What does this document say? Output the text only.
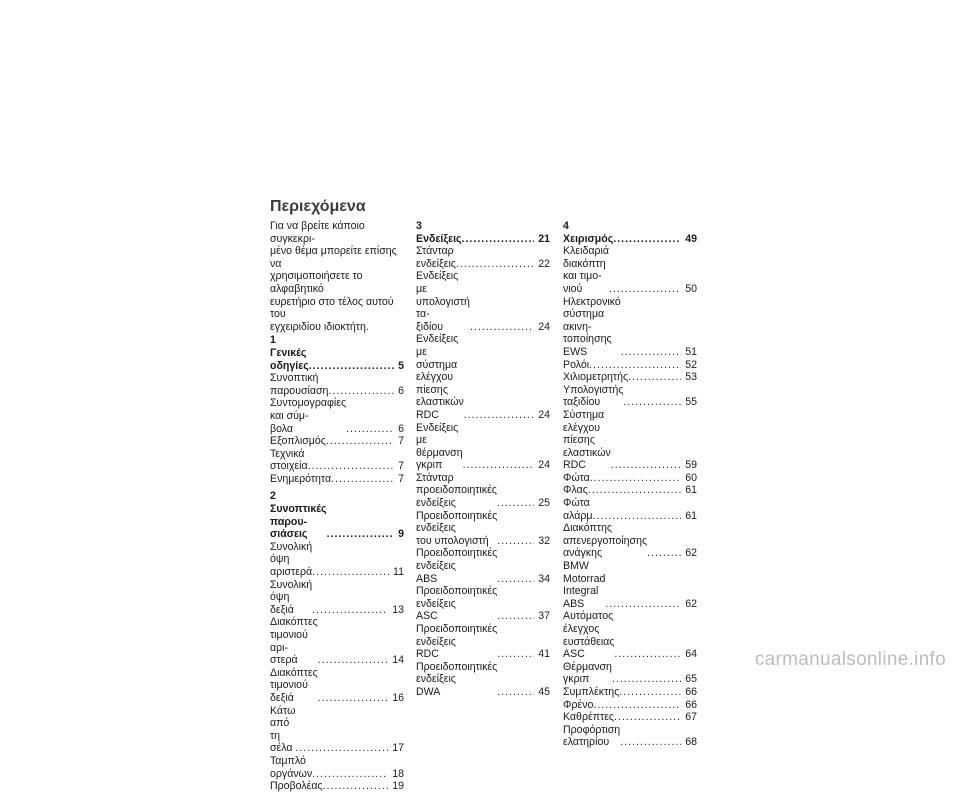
Περιεχόμενα
Για να βρείτε κάποιο συγκεκρι-
μένο θέμα μπορείτε επίσης να
χρησιμοποιήσετε το αλφαβητικό
ευρετήριο στο τέλος αυτού του
εγχειριδίου ιδιοκτήτη.
1 Γενικές οδηγίες .....	5
Συνοπτική παρουσίαση .....	6
Συντομογραφίες και σύμ-
βολα .....	6
Εξοπλισμός .....	7
Τεχνικά στοιχεία .....	7
Ενημερότητα .....	7
2 Συνοπτικές παρου-
σιάσεις .....	9
Συνολική όψη αριστερά .....	11
Συνολική όψη δεξιά .....	13
Διακόπτες τιμονιού αρι-
στερά .....	14
Διακόπτες τιμονιού δεξιά .....	16
Κάτω από τη σέλα .....	17
Ταμπλό οργάνων .....	18
Προβολέας .....	19
3 Ενδείξεις .....	21
Στάνταρ ενδείξεις .....	22
Ενδείξεις με υπολογιστή τα-
ξιδίου .....	24
Ενδείξεις με σύστημα
ελέγχου πίεσης ελαστικών
RDC .....	24
Ενδείξεις με θέρμανση
γκριπ .....	24
Στάνταρ προειδοποιητικές
ενδείξεις .....	25
Προειδοποιητικές ενδείξεις
του υπολογιστή .....	32
Προειδοποιητικές ενδείξεις
ABS .....	34
Προειδοποιητικές ενδείξεις
ASC .....	37
Προειδοποιητικές ενδείξεις
RDC .....	41
Προειδοποιητικές ενδείξεις
DWA .....	45
4 Χειρισμός .....	49
Κλειδαριά διακόπτη και τιμο-
νιού .....	50
Ηλεκτρονικό σύστημα ακινη-
τοποίησης EWS .....	51
Ρολόι .....	52
Χιλιομετρητής .....	53
Υπολογιστής ταξιδίου .....	55
Σύστημα ελέγχου πίεσης
ελαστικών RDC .....	59
Φώτα .....	60
Φλας .....	61
Φώτα αλάρμ .....	61
Διακόπτης απενεργοποίησης
ανάγκης .....	62
BMW Motorrad Integral
ABS .....	62
Αυτόματος έλεγχος
ευστάθειας ASC .....	64
Θέρμανση γκριπ .....	65
Συμπλέκτης .....	66
Φρένο .....	66
Καθρέπτες .....	67
Προφόρτιση ελατηρίου .....	68
carmanualsonline.info
